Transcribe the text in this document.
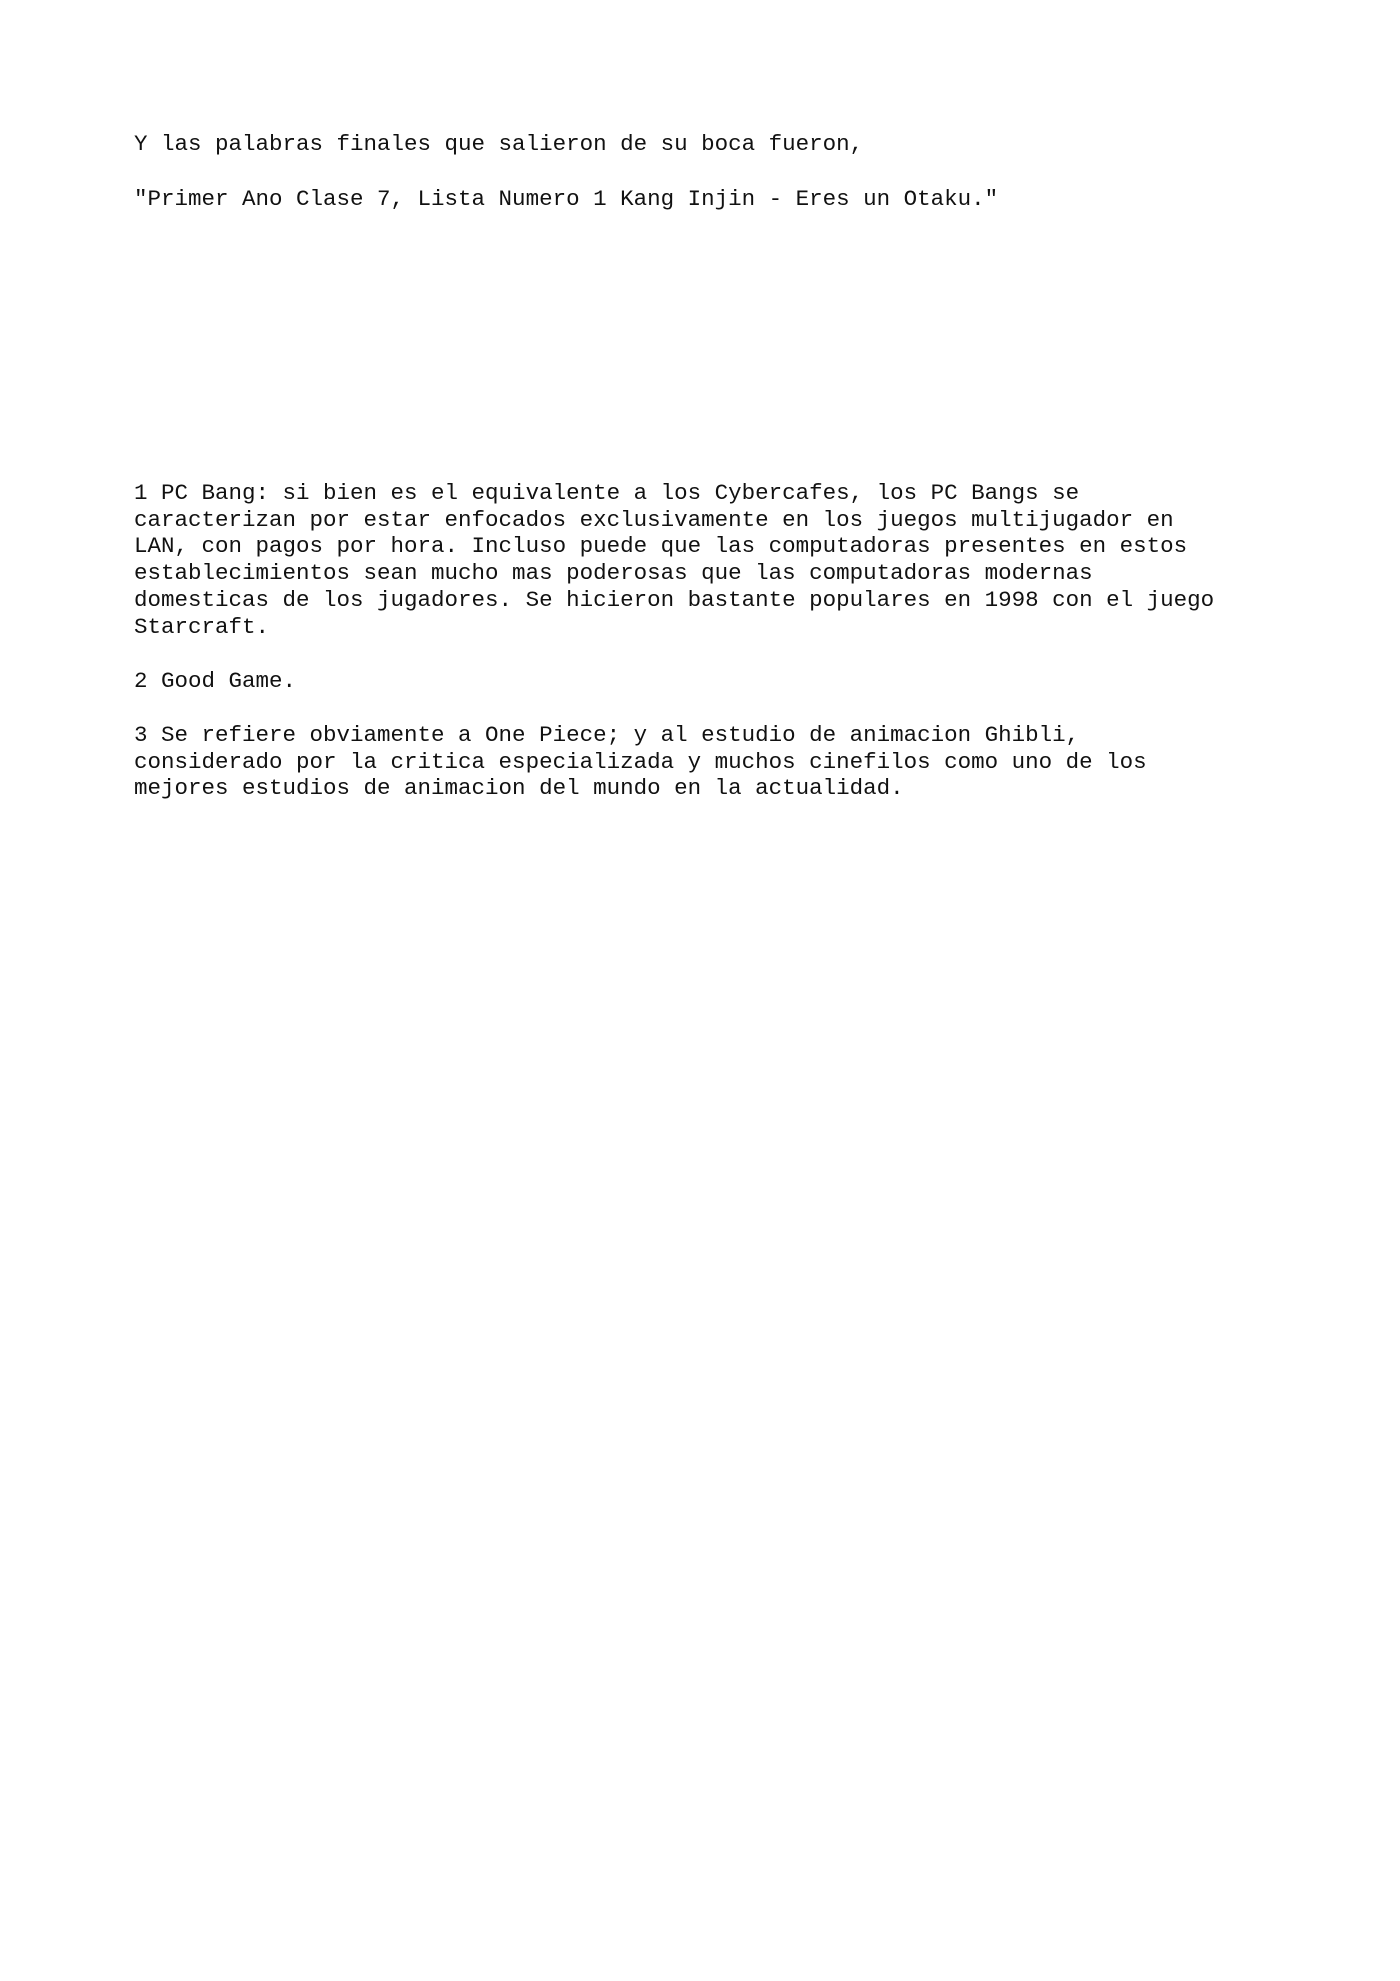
Y las palabras finales que salieron de su boca fueron,

"Primer Ano Clase 7, Lista Numero 1 Kang Injin - Eres un Otaku."

1 PC Bang: si bien es el equivalente a los Cybercafes, los PC Bangs se
caracterizan por estar enfocados exclusivamente en los juegos multijugador en
LAN, con pagos por hora. Incluso puede que las computadoras presentes en estos
establecimientos sean mucho mas poderosas que las computadoras modernas
domesticas de los jugadores. Se hicieron bastante populares en 1998 con el juego
Starcraft.

2 Good Game.

3 Se refiere obviamente a One Piece; y al estudio de animacion Ghibli,
considerado por la critica especializada y muchos cinefilos como uno de los
mejores estudios de animacion del mundo en la actualidad.
